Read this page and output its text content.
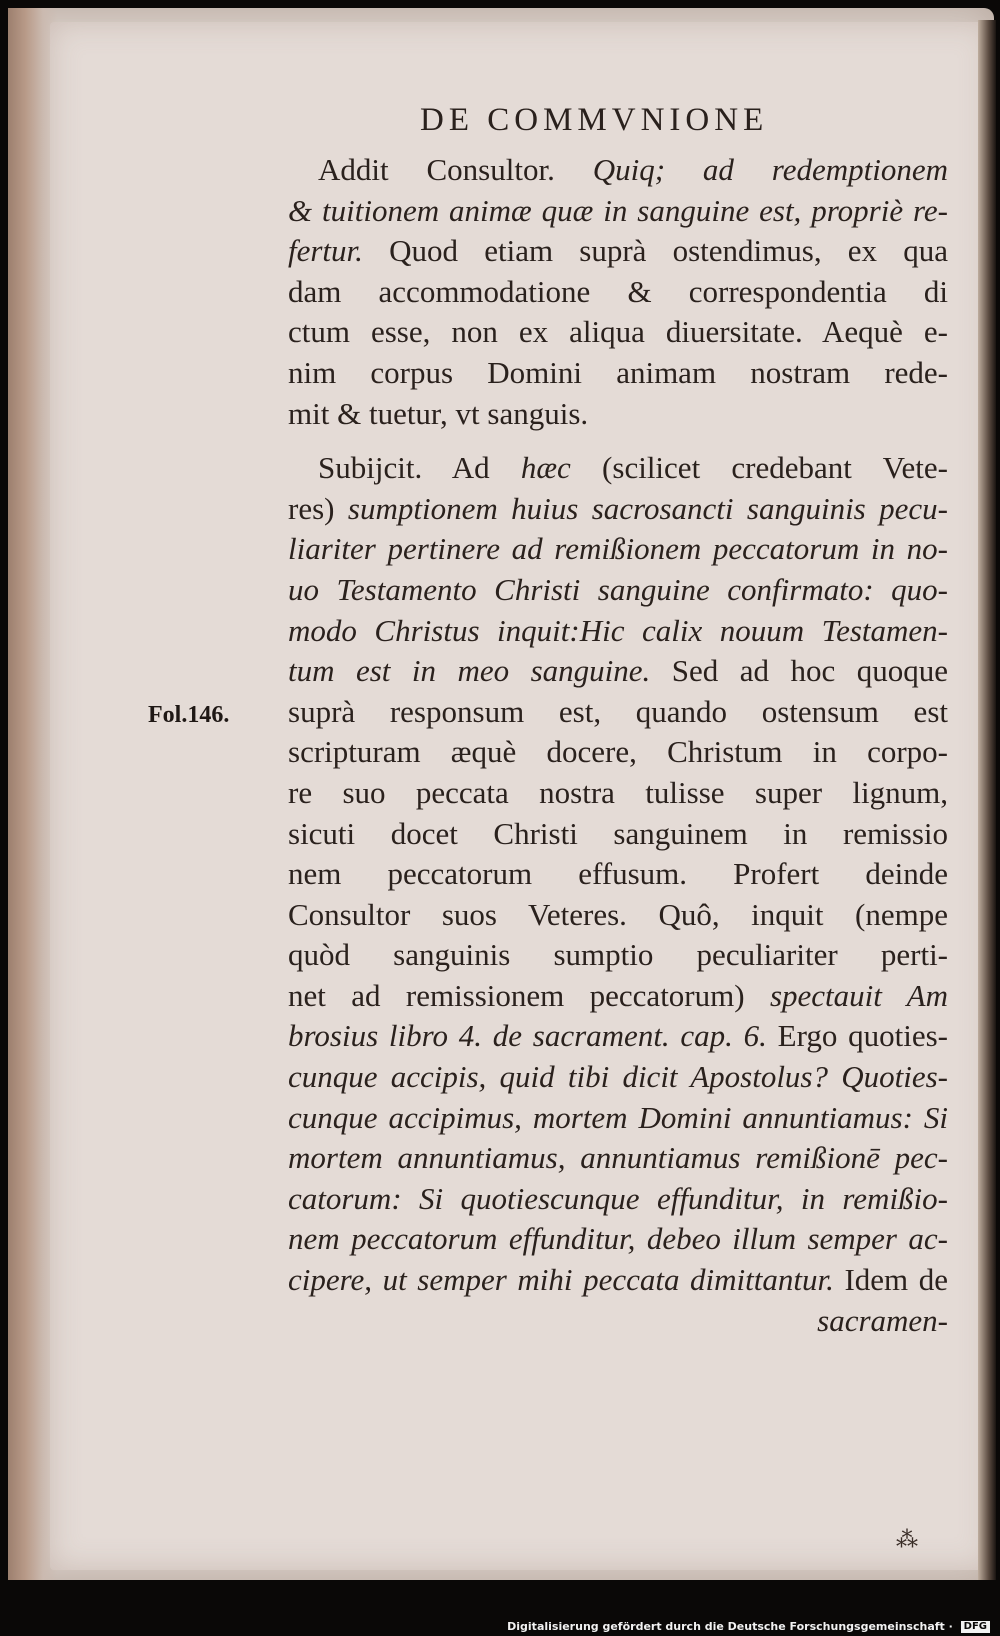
DE COMMVNIONE
Fol.146.
Addit Consultor. Quiq; ad redemptionem
& tuitionem animæ quæ in sanguine est, propriè re-
fertur. Quod etiam suprà ostendimus, ex qua
dam accommodatione & correspondentia di
ctum esse, non ex aliqua diuersitate. Aequè e-
nim corpus Domini animam nostram rede-
mit & tuetur, vt sanguis.
Subijcit. Ad hæc (scilicet credebant Vete-
res) sumptionem huius sacrosancti sanguinis pecu-
liariter pertinere ad remißionem peccatorum in no-
uo Testamento Christi sanguine confirmato: quo-
modo Christus inquit:Hic calix nouum Testamen-
tum est in meo sanguine. Sed ad hoc quoque
suprà responsum est, quando ostensum est
scripturam æquè docere, Christum in corpo-
re suo peccata nostra tulisse super lignum,
sicuti docet Christi sanguinem in remissio
nem peccatorum effusum. Profert deinde
Consultor suos Veteres. Quô, inquit (nempe
quòd sanguinis sumptio peculiariter perti-
net ad remissionem peccatorum) spectauit Am
brosius libro 4. de sacrament. cap. 6. Ergo quoties-
cunque accipis, quid tibi dicit Apostolus? Quoties-
cunque accipimus, mortem Domini annuntiamus: Si
mortem annuntiamus, annuntiamus remißionē pec-
catorum: Si quotiescunque effunditur, in remißio-
nem peccatorum effunditur, debeo illum semper ac-
cipere, ut semper mihi peccata dimittantur. Idem de
sacramen-
⁂
Digitalisierung gefördert durch die Deutsche Forschungsgemeinschaft · DFG
